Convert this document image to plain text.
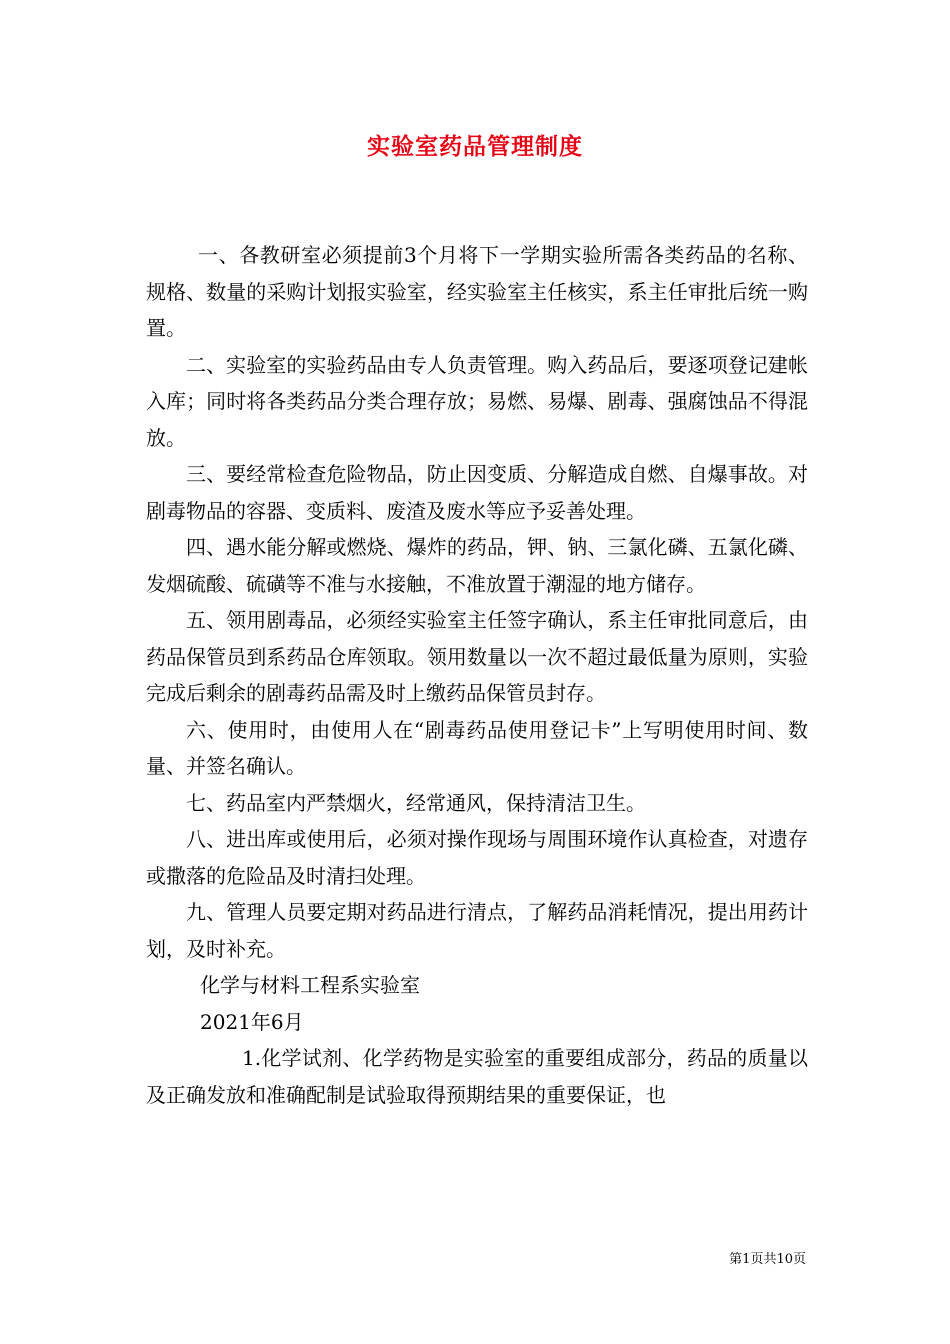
实验室药品管理制度

一、各教研室必须提前3个月将下一学期实验所需各类药品的名称、规格、数量的采购计划报实验室，经实验室主任核实，系主任审批后统一购置。

二、实验室的实验药品由专人负责管理。购入药品后，要逐项登记建帐入库；同时将各类药品分类合理存放；易燃、易爆、剧毒、强腐蚀品不得混放。

三、要经常检查危险物品，防止因变质、分解造成自燃、自爆事故。对剧毒物品的容器、变质料、废渣及废水等应予妥善处理。

四、遇水能分解或燃烧、爆炸的药品，钾、钠、三氯化磷、五氯化磷、发烟硫酸、硫磺等不准与水接触，不准放置于潮湿的地方储存。

五、领用剧毒品，必须经实验室主任签字确认，系主任审批同意后，由药品保管员到系药品仓库领取。领用数量以一次不超过最低量为原则，实验完成后剩余的剧毒药品需及时上缴药品保管员封存。

六、使用时，由使用人在“剧毒药品使用登记卡”上写明使用时间、数量、并签名确认。

七、药品室内严禁烟火，经常通风，保持清洁卫生。

八、进出库或使用后，必须对操作现场与周围环境作认真检查，对遗存或撒落的危险品及时清扫处理。

九、管理人员要定期对药品进行清点，了解药品消耗情况，提出用药计划，及时补充。

化学与材料工程系实验室

2021年6月

1.化学试剂、化学药物是实验室的重要组成部分，药品的质量以及正确发放和准确配制是试验取得预期结果的重要保证，也

第1页共10页
